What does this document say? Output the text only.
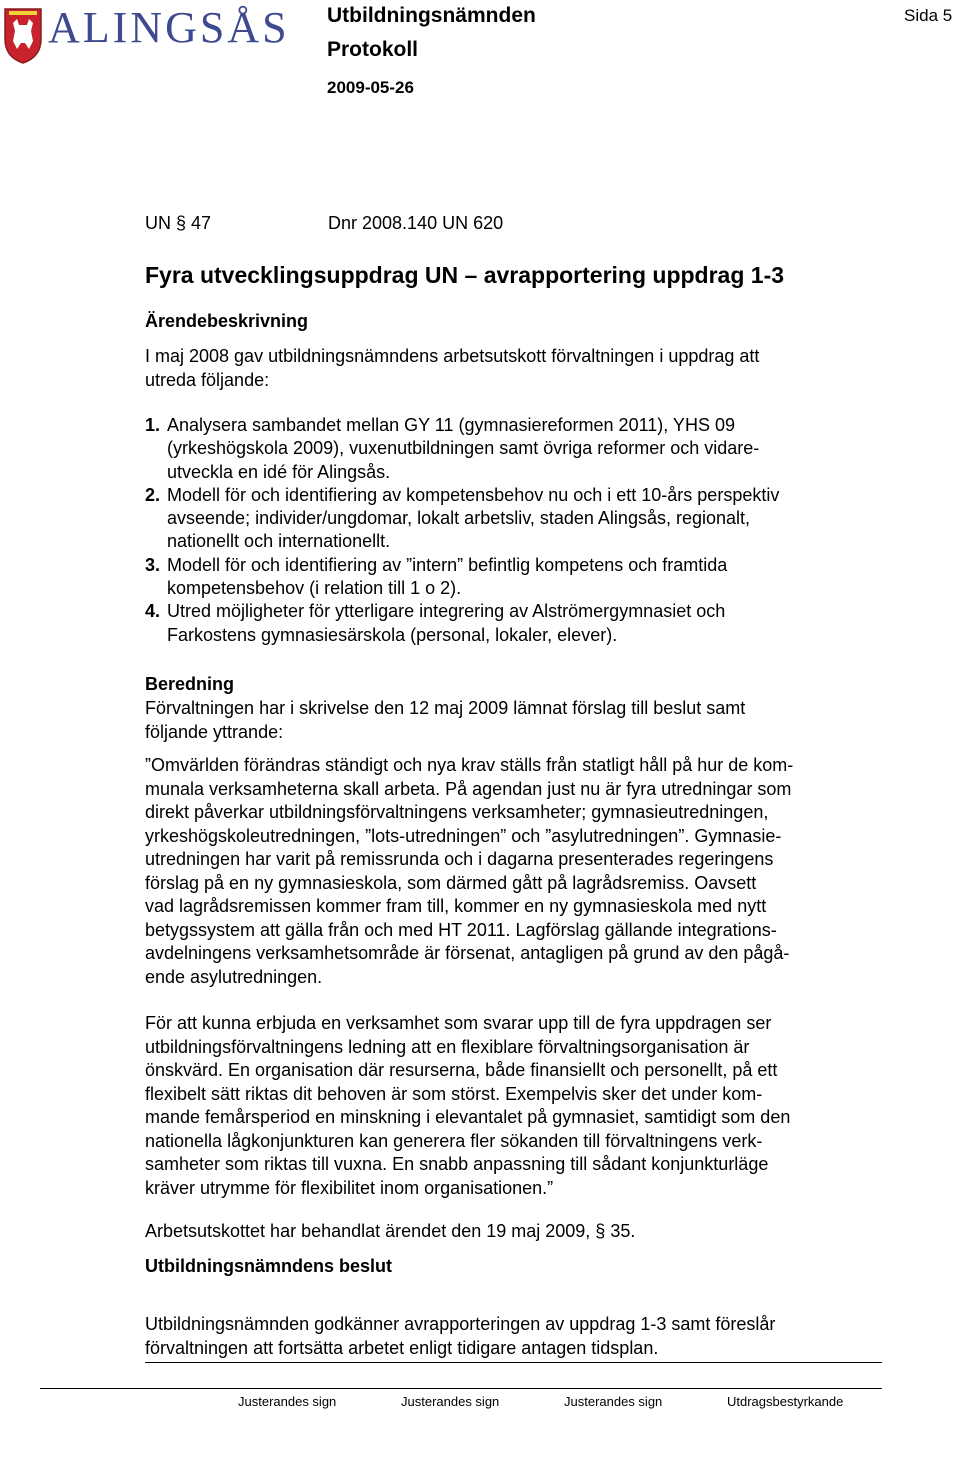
ALINGSÅS Utbildningsnämnden
Protokoll
2009-05-26
Sida 5
UN § 47	Dnr 2008.140 UN 620
Fyra utvecklingsuppdrag UN – avrapportering uppdrag 1-3
Ärendebeskrivning
I maj 2008 gav utbildningsnämndens arbetsutskott förvaltningen i uppdrag att
utreda följande:
1. Analysera sambandet mellan GY 11 (gymnasiereformen 2011), YHS 09
(yrkeshögskola 2009), vuxenutbildningen samt övriga reformer och vidare-
utveckla en idé för Alingsås.
2. Modell för och identifiering av kompetensbehov nu och i ett 10-års perspektiv
avseende; individer/ungdomar, lokalt arbetsliv, staden Alingsås, regionalt,
nationellt och internationellt.
3. Modell för och identifiering av ”intern” befintlig kompetens och framtida
kompetensbehov (i relation till 1 o 2).
4. Utred möjligheter för ytterligare integrering av Alströmergymnasiet och
Farkostens gymnasiesärskola (personal, lokaler, elever).
Beredning
Förvaltningen har i skrivelse den 12 maj 2009 lämnat förslag till beslut samt
följande yttrande:
”Omvärlden förändras ständigt och nya krav ställs från statligt håll på hur de kom-
munala verksamheterna skall arbeta. På agendan just nu är fyra utredningar som
direkt påverkar utbildningsförvaltningens verksamheter; gymnasieutredningen,
yrkeshögskoleutredningen, ”lots-utredningen” och ”asylutredningen”. Gymnasie-
utredningen har varit på remissrunda och i dagarna presenterades regeringens
förslag på en ny gymnasieskola, som därmed gått på lagrådsremiss. Oavsett
vad lagrådsremissen kommer fram till, kommer en ny gymnasieskola med nytt
betygssystem att gälla från och med HT 2011. Lagförslag gällande integrations-
avdelningens verksamhetsområde är försenat, antagligen på grund av den pågå-
ende asylutredningen.
För att kunna erbjuda en verksamhet som svarar upp till de fyra uppdragen ser
utbildningsförvaltningens ledning att en flexiblare förvaltningsorganisation är
önskvärd. En organisation där resurserna, både finansiellt och personellt, på ett
flexibelt sätt riktas dit behoven är som störst. Exempelvis sker det under kom-
mande femårsperiod en minskning i elevantalet på gymnasiet, samtidigt som den
nationella lågkonjunkturen kan generera fler sökanden till förvaltningens verk-
samheter som riktas till vuxna. En snabb anpassning till sådant konjunkturläge
kräver utrymme för flexibilitet inom organisationen.”
Arbetsutskottet har behandlat ärendet den 19 maj 2009, § 35.
Utbildningsnämndens beslut
Utbildningsnämnden godkänner avrapporteringen av uppdrag 1-3 samt föreslår
förvaltningen att fortsätta arbetet enligt tidigare antagen tidsplan.
Justerandes sign	Justerandes sign	Justerandes sign	Utdragsbestyrkande
